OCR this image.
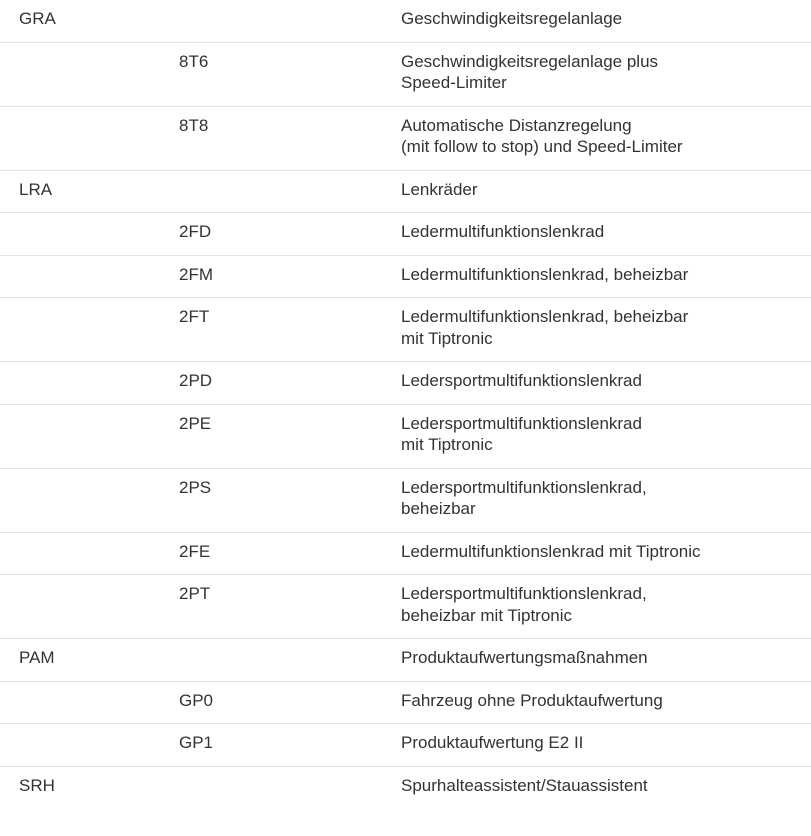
GRA		Geschwindigkeitsregelanlage
	8T6	Geschwindigkeitsregelanlage plus
Speed-Limiter
	8T8	Automatische Distanzregelung
(mit follow to stop) und Speed-Limiter
LRA		Lenkräder
	2FD	Ledermultifunktionslenkrad
	2FM	Ledermultifunktionslenkrad, beheizbar
	2FT	Ledermultifunktionslenkrad, beheizbar
mit Tiptronic
	2PD	Ledersportmultifunktionslenkrad
	2PE	Ledersportmultifunktionslenkrad
mit Tiptronic
	2PS	Ledersportmultifunktionslenkrad,
beheizbar
	2FE	Ledermultifunktionslenkrad mit Tiptronic
	2PT	Ledersportmultifunktionslenkrad,
beheizbar mit Tiptronic
PAM		Produktaufwertungsmaßnahmen
	GP0	Fahrzeug ohne Produktaufwertung
	GP1	Produktaufwertung E2 II
SRH		Spurhalteassistent/Stauassistent
